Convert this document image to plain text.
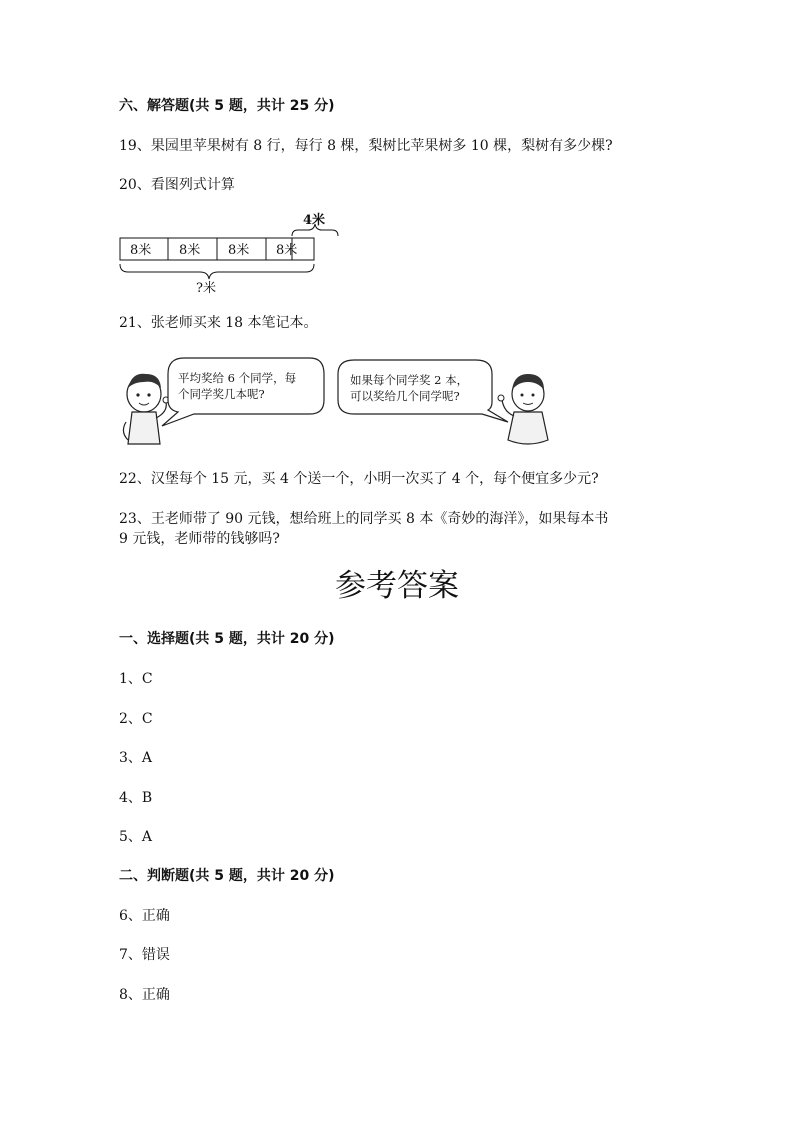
六、解答题(共 5 题，共计 25 分)
19、果园里苹果树有 8 行，每行 8 棵，梨树比苹果树多 10 棵，梨树有多少棵?
20、看图列式计算
4米
8米 8米 8米 8米
?米
21、张老师买来 18 本笔记本。
平均奖给 6 个同学，每
个同学奖几本呢?
如果每个同学奖 2 本，
可以奖给几个同学呢?
22、汉堡每个 15 元，买 4 个送一个，小明一次买了 4 个，每个便宜多少元?
23、王老师带了 90 元钱，想给班上的同学买 8 本《奇妙的海洋》，如果每本书
9 元钱，老师带的钱够吗?
参考答案
一、选择题(共 5 题，共计 20 分)
1、C
2、C
3、A
4、B
5、A
二、判断题(共 5 题，共计 20 分)
6、正确
7、错误
8、正确
